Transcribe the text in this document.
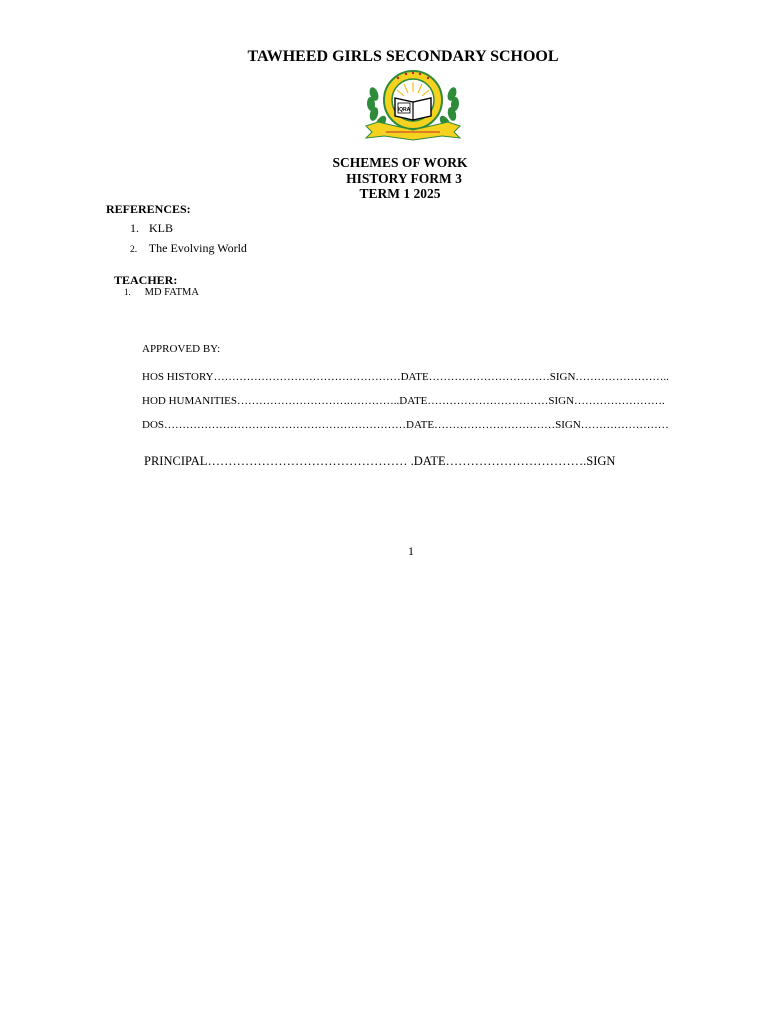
TAWHEED GIRLS SECONDARY SCHOOL
IQRA
SCHEMES OF WORK
HISTORY FORM 3
TERM 1 2025
REFERENCES:
1. KLB
2. The Evolving World
TEACHER:
1. MD FATMA
APPROVED BY:
HOS HISTORY……………………………………………DATE……………………………SIGN……………………..
HOD HUMANITIES………………………….…………..DATE……………………………SIGN…………………….
DOS…………………………………………………………DATE……………………………SIGN……………………
PRINCIPAL………………………………………… .DATE…………………………….SIGN
1
